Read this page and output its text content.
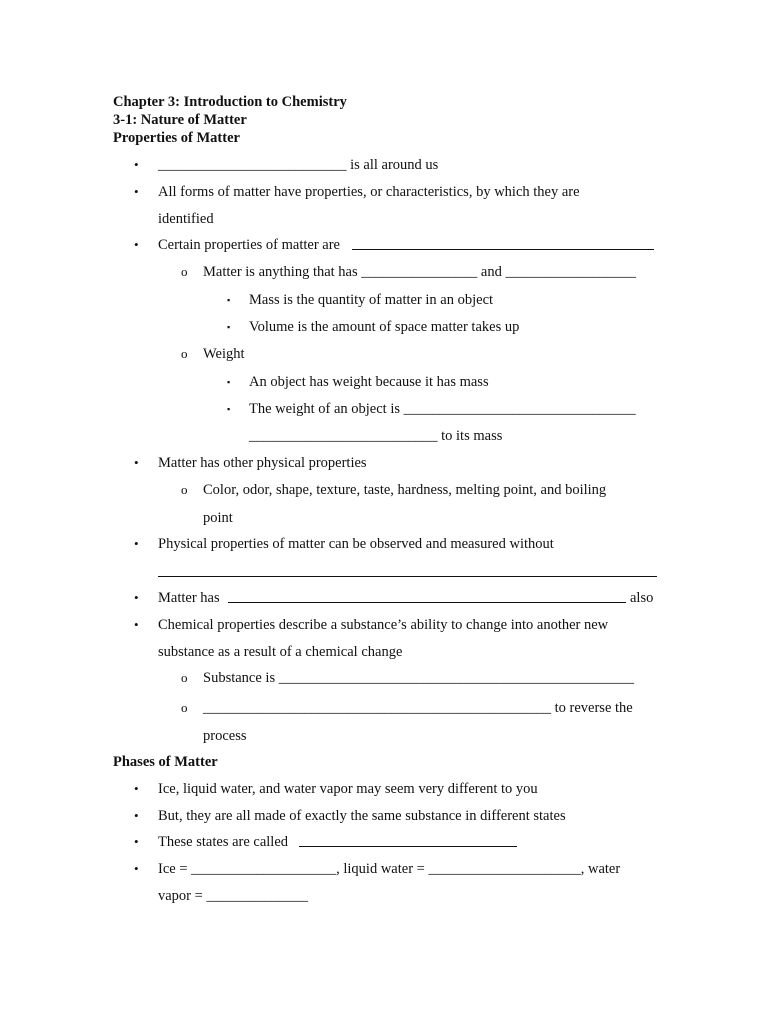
Chapter 3: Introduction to Chemistry
3-1: Nature of Matter
Properties of Matter
• __________________________ is all around us
• All forms of matter have properties, or characteristics, by which they are
identified
• Certain properties of matter are
o Matter is anything that has ________________ and __________________
▪ Mass is the quantity of matter in an object
▪ Volume is the amount of space matter takes up
o Weight
▪ An object has weight because it has mass
▪ The weight of an object is ________________________________
__________________________ to its mass
• Matter has other physical properties
o Color, odor, shape, texture, taste, hardness, melting point, and boiling
point
• Physical properties of matter can be observed and measured without
• Matter has	also
• Chemical properties describe a substance’s ability to change into another new
substance as a result of a chemical change
o Substance is _________________________________________________
o ________________________________________________ to reverse the
process
Phases of Matter
• Ice, liquid water, and water vapor may seem very different to you
• But, they are all made of exactly the same substance in different states
• These states are called
• Ice = ____________________, liquid water = _____________________, water
vapor = ______________
